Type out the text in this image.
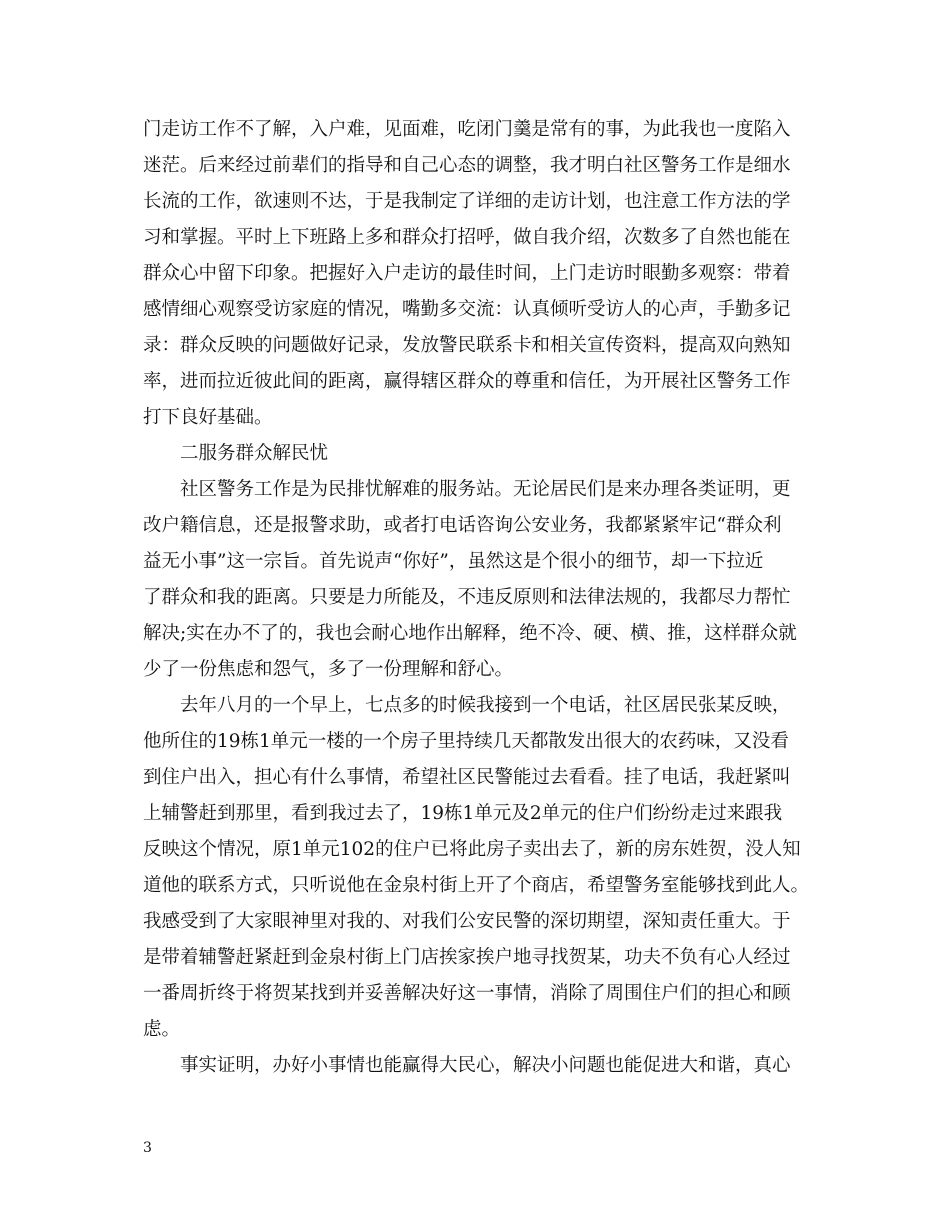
门走访工作不了解，入户难，见面难，吃闭门羹是常有的事，为此我也一度陷入
迷茫。后来经过前辈们的指导和自己心态的调整，我才明白社区警务工作是细水
长流的工作，欲速则不达，于是我制定了详细的走访计划，也注意工作方法的学
习和掌握。平时上下班路上多和群众打招呼，做自我介绍，次数多了自然也能在
群众心中留下印象。把握好入户走访的最佳时间，上门走访时眼勤多观察：带着
感情细心观察受访家庭的情况，嘴勤多交流：认真倾听受访人的心声，手勤多记
录：群众反映的问题做好记录，发放警民联系卡和相关宣传资料，提高双向熟知
率，进而拉近彼此间的距离，赢得辖区群众的尊重和信任，为开展社区警务工作
打下良好基础。
二服务群众解民忧
社区警务工作是为民排忧解难的服务站。无论居民们是来办理各类证明，更
改户籍信息，还是报警求助，或者打电话咨询公安业务，我都紧紧牢记“群众利
益无小事”这一宗旨。首先说声“你好”，虽然这是个很小的细节，却一下拉近
了群众和我的距离。只要是力所能及，不违反原则和法律法规的，我都尽力帮忙
解决;实在办不了的，我也会耐心地作出解释，绝不冷、硬、横、推，这样群众就
少了一份焦虑和怨气，多了一份理解和舒心。
去年八月的一个早上，七点多的时候我接到一个电话，社区居民张某反映，
他所住的19栋1单元一楼的一个房子里持续几天都散发出很大的农药味，又没看
到住户出入，担心有什么事情，希望社区民警能过去看看。挂了电话，我赶紧叫
上辅警赶到那里，看到我过去了，19栋1单元及2单元的住户们纷纷走过来跟我
反映这个情况，原1单元102的住户已将此房子卖出去了，新的房东姓贺，没人知
道他的联系方式，只听说他在金泉村街上开了个商店，希望警务室能够找到此人。
我感受到了大家眼神里对我的、对我们公安民警的深切期望，深知责任重大。于
是带着辅警赶紧赶到金泉村街上门店挨家挨户地寻找贺某，功夫不负有心人经过
一番周折终于将贺某找到并妥善解决好这一事情，消除了周围住户们的担心和顾
虑。
事实证明，办好小事情也能赢得大民心，解决小问题也能促进大和谐，真心
3
